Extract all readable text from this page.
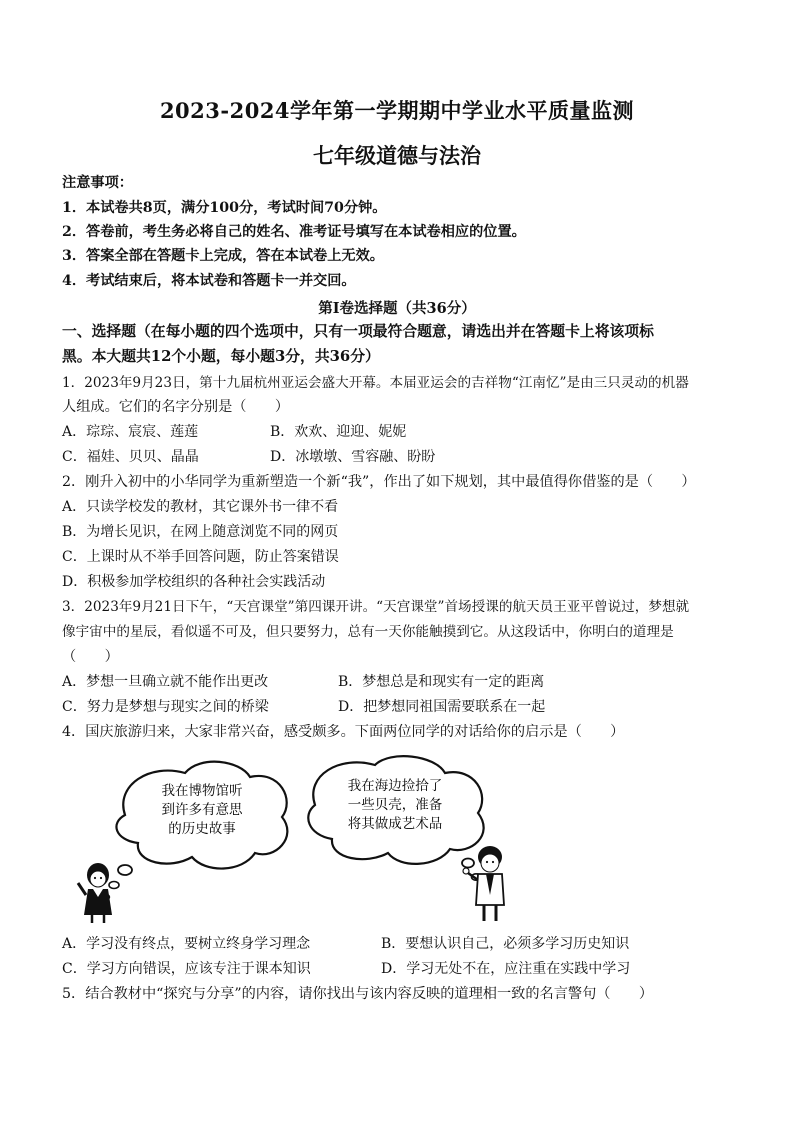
2023-2024学年第一学期期中学业水平质量监测
七年级道德与法治
注意事项：
1．本试卷共8页，满分100分，考试时间70分钟。
2．答卷前，考生务必将自己的姓名、准考证号填写在本试卷相应的位置。
3．答案全部在答题卡上完成，答在本试卷上无效。
4．考试结束后，将本试卷和答题卡一并交回。
第Ⅰ卷选择题（共36分）
一、选择题（在每小题的四个选项中，只有一项最符合题意，请选出并在答题卡上将该项标
黑。本大题共12个小题，每小题3分，共36分）
1．2023年9月23日，第十九届杭州亚运会盛大开幕。本届亚运会的吉祥物“江南忆”是由三只灵动的机器
人组成。它们的名字分别是（　　）
A．琮琮、宸宸、莲莲	B．欢欢、迎迎、妮妮
C．福娃、贝贝、晶晶	D．冰墩墩、雪容融、盼盼
2．刚升入初中的小华同学为重新塑造一个新“我”，作出了如下规划，其中最值得你借鉴的是（　　）
A．只读学校发的教材，其它课外书一律不看
B．为增长见识，在网上随意浏览不同的网页
C．上课时从不举手回答问题，防止答案错误
D．积极参加学校组织的各种社会实践活动
3．2023年9月21日下午，“天宫课堂”第四课开讲。“天宫课堂”首场授课的航天员王亚平曾说过，梦想就
像宇宙中的星辰，看似遥不可及，但只要努力，总有一天你能触摸到它。从这段话中，你明白的道理是
（　　）
A．梦想一旦确立就不能作出更改	B．梦想总是和现实有一定的距离
C．努力是梦想与现实之间的桥梁	D．把梦想同祖国需要联系在一起
4．国庆旅游归来，大家非常兴奋，感受颇多。下面两位同学的对话给你的启示是（　　）
我在博物馆听
到许多有意思
的历史故事
我在海边捡拾了
一些贝壳，准备
将其做成艺术品
A．学习没有终点，要树立终身学习理念	B．要想认识自己，必须多学习历史知识
C．学习方向错误，应该专注于课本知识	D．学习无处不在，应注重在实践中学习
5．结合教材中“探究与分享”的内容，请你找出与该内容反映的道理相一致的名言警句（　　）
